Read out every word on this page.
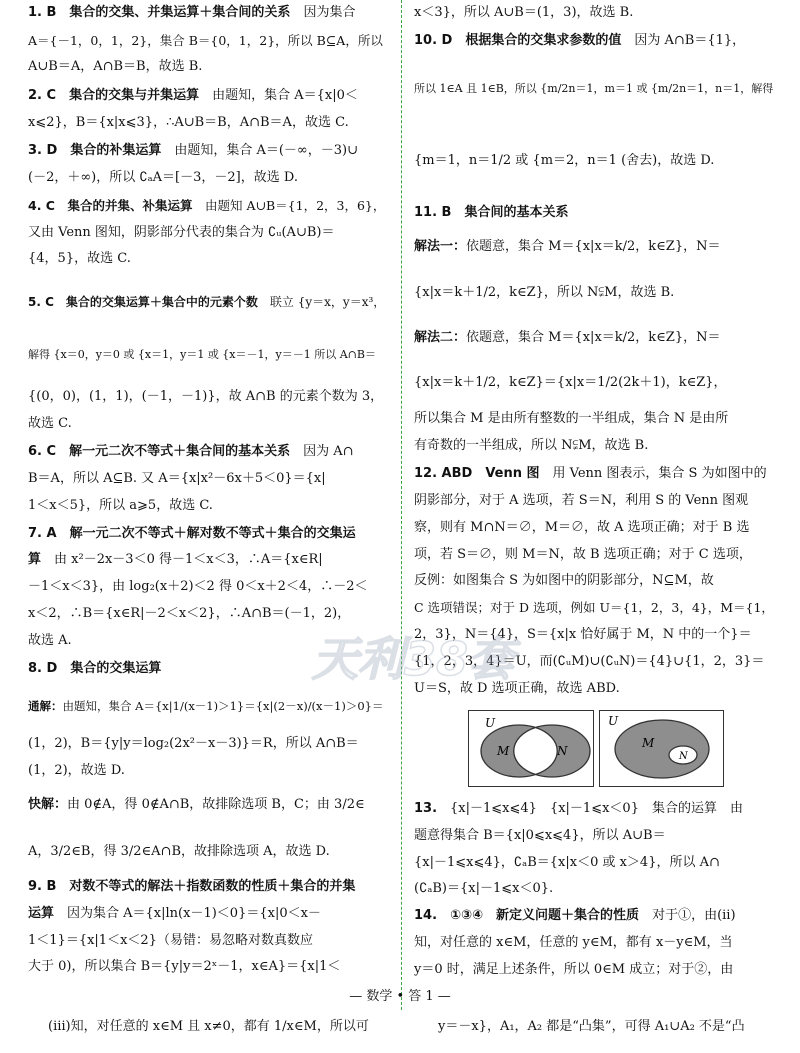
1. B　集合的交集、并集运算＋集合间的关系　因为集合
A＝{－1，0，1，2}，集合 B＝{0，1，2}，所以 B⊆A，所以
A∪B＝A，A∩B＝B，故选 B.
2. C　集合的交集与并集运算　由题知，集合 A＝{x|0＜
x⩽2}，B＝{x|x⩽3}，∴A∪B＝B，A∩B＝A，故选 C.
3. D　集合的补集运算　由题知，集合 A＝(－∞，－3)∪
(－2，＋∞)，所以 ∁ₐA＝[－3，－2]，故选 D.
4. C　集合的并集、补集运算　由题知 A∪B＝{1，2，3，6}，
又由 Venn 图知，阴影部分代表的集合为 ∁ᵤ(A∪B)＝
{4，5}，故选 C.
5. C　集合的交集运算＋集合中的元素个数　联立 {y＝x，y＝x³，
解得 {x＝0，y＝0 或 {x＝1，y＝1 或 {x＝－1，y＝－1 所以 A∩B＝
{(0，0)，(1，1)，(－1，－1)}，故 A∩B 的元素个数为 3，
故选 C.
6. C　解一元二次不等式＋集合间的基本关系　因为 A∩
B＝A，所以 A⊆B. 又 A＝{x|x²－6x＋5＜0}＝{x|
1＜x＜5}，所以 a⩾5，故选 C.
7. A　解一元二次不等式＋解对数不等式＋集合的交集运
算　由 x²－2x－3＜0 得－1＜x＜3，∴A＝{x∈R|
－1＜x＜3}，由 log₂(x＋2)＜2 得 0＜x＋2＜4，∴－2＜
x＜2，∴B＝{x∈R|－2＜x＜2}，∴A∩B＝(－1，2)，
故选 A.
8. D　集合的交集运算
通解：由题知，集合 A＝{x|1/(x－1)＞1}＝{x|(2－x)/(x－1)＞0}＝
(1，2)，B＝{y|y＝log₂(2x²－x－3)}＝R，所以 A∩B＝
(1，2)，故选 D.
快解：由 0∉A，得 0∉A∩B，故排除选项 B，C；由 3/2∈
A，3/2∈B，得 3/2∈A∩B，故排除选项 A，故选 D.
9. B　对数不等式的解法＋指数函数的性质＋集合的并集
运算　因为集合 A＝{x|ln(x－1)＜0}＝{x|0＜x－
1＜1}＝{x|1＜x＜2}（易错：易忽略对数真数应
大于 0)，所以集合 B＝{y|y＝2ˣ－1，x∈A}＝{x|1＜
x＜3}，所以 A∪B＝(1，3)，故选 B.
10. D　根据集合的交集求参数的值　因为 A∩B＝{1}，
所以 1∈A 且 1∈B，所以 {m/2n＝1，m＝1 或 {m/2n＝1，n＝1，解得
{m＝1，n＝1/2 或 {m＝2，n＝1 (舍去)，故选 D.
11. B　集合间的基本关系
解法一：依题意，集合 M＝{x|x＝k/2，k∈Z}，N＝
{x|x＝k＋1/2，k∈Z}，所以 N⫋M，故选 B.
解法二：依题意，集合 M＝{x|x＝k/2，k∈Z}，N＝
{x|x＝k＋1/2，k∈Z}＝{x|x＝1/2(2k＋1)，k∈Z}，
所以集合 M 是由所有整数的一半组成，集合 N 是由所
有奇数的一半组成，所以 N⫋M，故选 B.
12. ABD　Venn 图　用 Venn 图表示，集合 S 为如图中的
阴影部分，对于 A 选项，若 S＝N，利用 S 的 Venn 图观
察，则有 M∩N＝∅，M＝∅，故 A 选项正确；对于 B 选
项，若 S＝∅，则 M＝N，故 B 选项正确；对于 C 选项，
反例：如图集合 S 为如图中的阴影部分，N⊆M，故
C 选项错误；对于 D 选项，例如 U＝{1，2，3，4}，M＝{1，
2，3}，N＝{4}，S＝{x|x 恰好属于 M，N 中的一个}＝
{1，2，3，4}＝U，而(∁ᵤM)∪(∁ᵤN)＝{4}∪{1，2，3}＝
U＝S，故 D 选项正确，故选 ABD.
13.　{x|－1⩽x⩽4}　{x|－1⩽x＜0}　集合的运算　由
题意得集合 B＝{x|0⩽x⩽4}，所以 A∪B＝
{x|－1⩽x⩽4}，∁ₐB＝{x|x＜0 或 x＞4}，所以 A∩
(∁ₐB)＝{x|－1⩽x＜0}.
14.　①③④　新定义问题＋集合的性质　对于①，由(ⅱ)
知，对任意的 x∈M，任意的 y∈M，都有 x－y∈M，当
y＝0 时，满足上述条件，所以 0∈M 成立；对于②，由
U
M	N
U
M
N
天利38套
— 数学 • 答 1 —
(ⅲ)知，对任意的 x∈M 且 x≠0，都有 1/x∈M，所以可	y＝－x}，A₁，A₂ 都是“凸集”，可得 A₁∪A₂ 不是“凸
